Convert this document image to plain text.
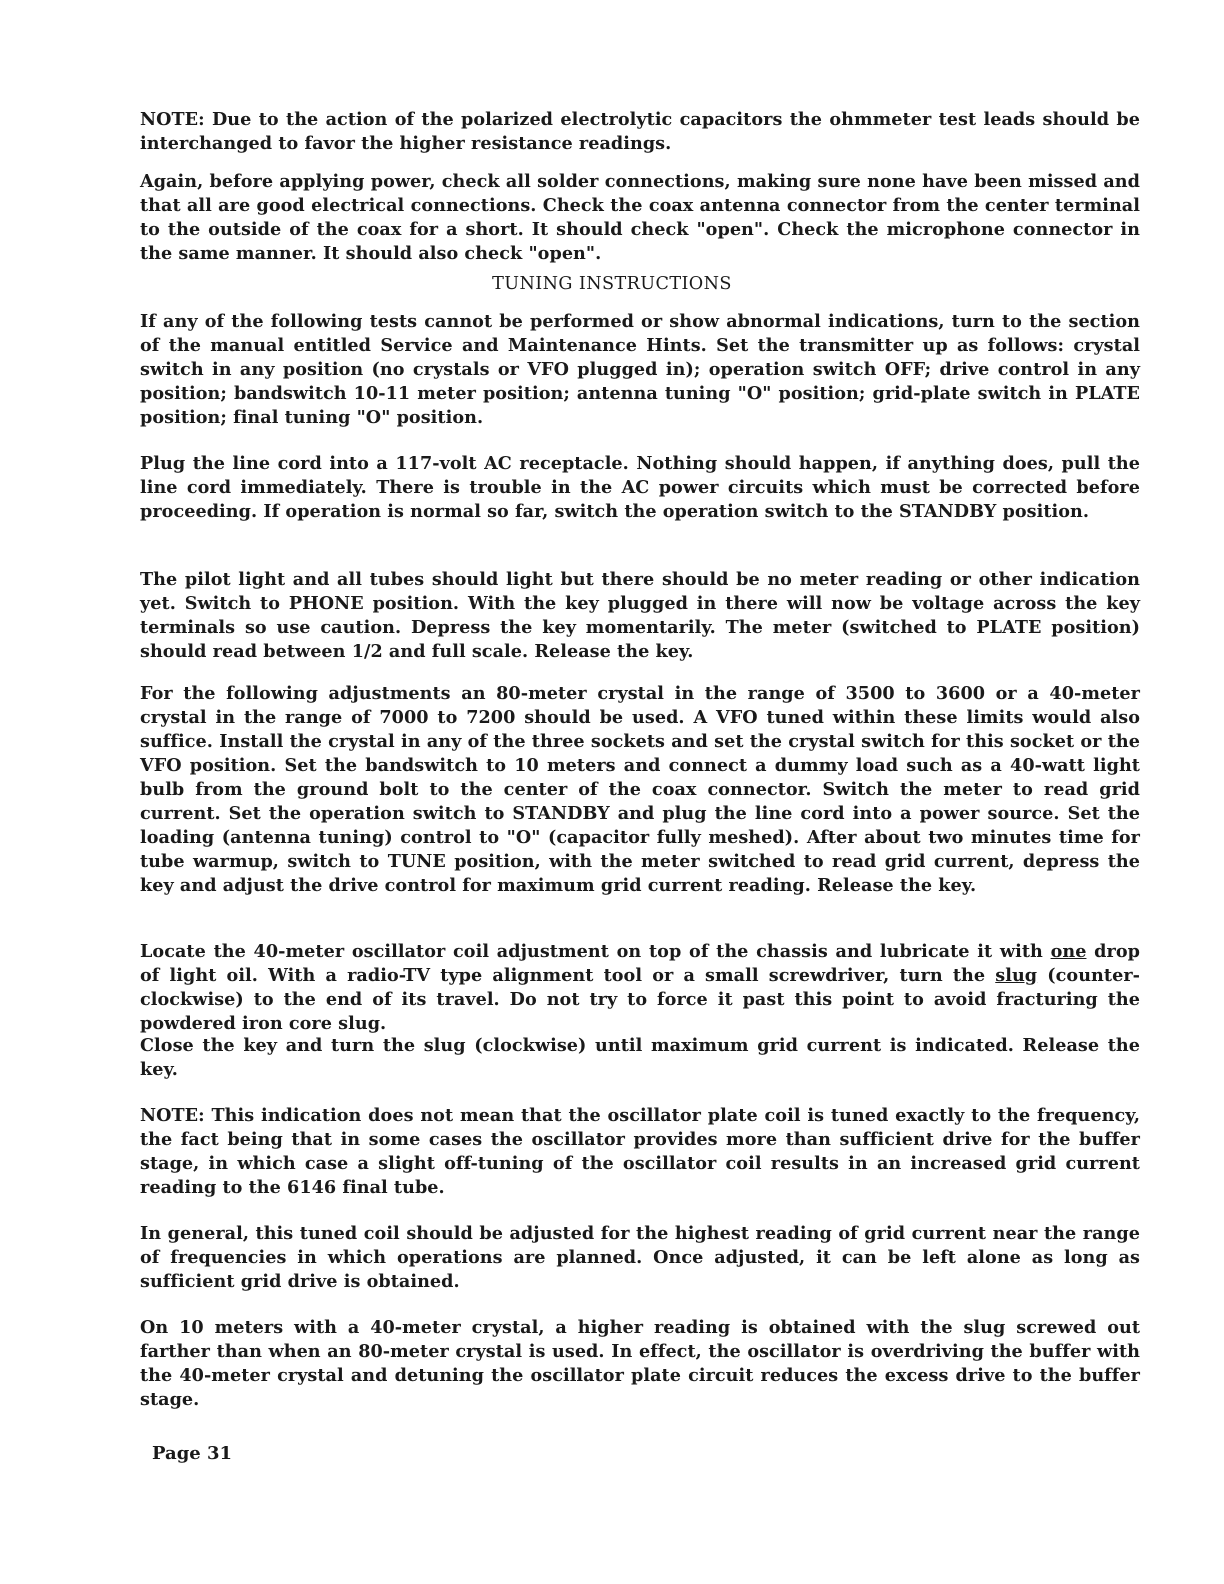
NOTE: Due to the action of the polarized electrolytic capacitors the ohmmeter test leads should be interchanged to favor the higher resistance readings.

Again, before applying power, check all solder connections, making sure none have been missed and that all are good electrical connections. Check the coax antenna connector from the center terminal to the outside of the coax for a short. It should check "open". Check the microphone connector in the same manner. It should also check "open".

TUNING INSTRUCTIONS

If any of the following tests cannot be performed or show abnormal indications, turn to the section of the manual entitled Service and Maintenance Hints. Set the transmitter up as follows: crystal switch in any position (no crystals or VFO plugged in); operation switch OFF; drive control in any position; bandswitch 10-11 meter position; antenna tuning "O" position; grid-plate switch in PLATE position; final tuning "O" position.

Plug the line cord into a 117-volt AC receptacle. Nothing should happen, if anything does, pull the line cord immediately. There is trouble in the AC power circuits which must be corrected before proceeding. If operation is normal so far, switch the operation switch to the STANDBY position.

The pilot light and all tubes should light but there should be no meter reading or other indication yet. Switch to PHONE position. With the key plugged in there will now be voltage across the key terminals so use caution. Depress the key momentarily. The meter (switched to PLATE position) should read between 1/2 and full scale. Release the key.

For the following adjustments an 80-meter crystal in the range of 3500 to 3600 or a 40-meter crystal in the range of 7000 to 7200 should be used. A VFO tuned within these limits would also suffice. Install the crystal in any of the three sockets and set the crystal switch for this socket or the VFO position. Set the bandswitch to 10 meters and connect a dummy load such as a 40-watt light bulb from the ground bolt to the center of the coax connector. Switch the meter to read grid current. Set the operation switch to STANDBY and plug the line cord into a power source. Set the loading (antenna tuning) control to "O" (capacitor fully meshed). After about two minutes time for tube warmup, switch to TUNE position, with the meter switched to read grid current, depress the key and adjust the drive control for maximum grid current reading. Release the key.

Locate the 40-meter oscillator coil adjustment on top of the chassis and lubricate it with one drop of light oil. With a radio-TV type alignment tool or a small screwdriver, turn the slug (counter-clockwise) to the end of its travel. Do not try to force it past this point to avoid fracturing the powdered iron core slug.

Close the key and turn the slug (clockwise) until maximum grid current is indicated. Release the key.

NOTE: This indication does not mean that the oscillator plate coil is tuned exactly to the frequency, the fact being that in some cases the oscillator provides more than sufficient drive for the buffer stage, in which case a slight off-tuning of the oscillator coil results in an increased grid current reading to the 6146 final tube.

In general, this tuned coil should be adjusted for the highest reading of grid current near the range of frequencies in which operations are planned. Once adjusted, it can be left alone as long as sufficient grid drive is obtained.

On 10 meters with a 40-meter crystal, a higher reading is obtained with the slug screwed out farther than when an 80-meter crystal is used. In effect, the oscillator is overdriving the buffer with the 40-meter crystal and detuning the oscillator plate circuit reduces the excess drive to the buffer stage.

Page 31
